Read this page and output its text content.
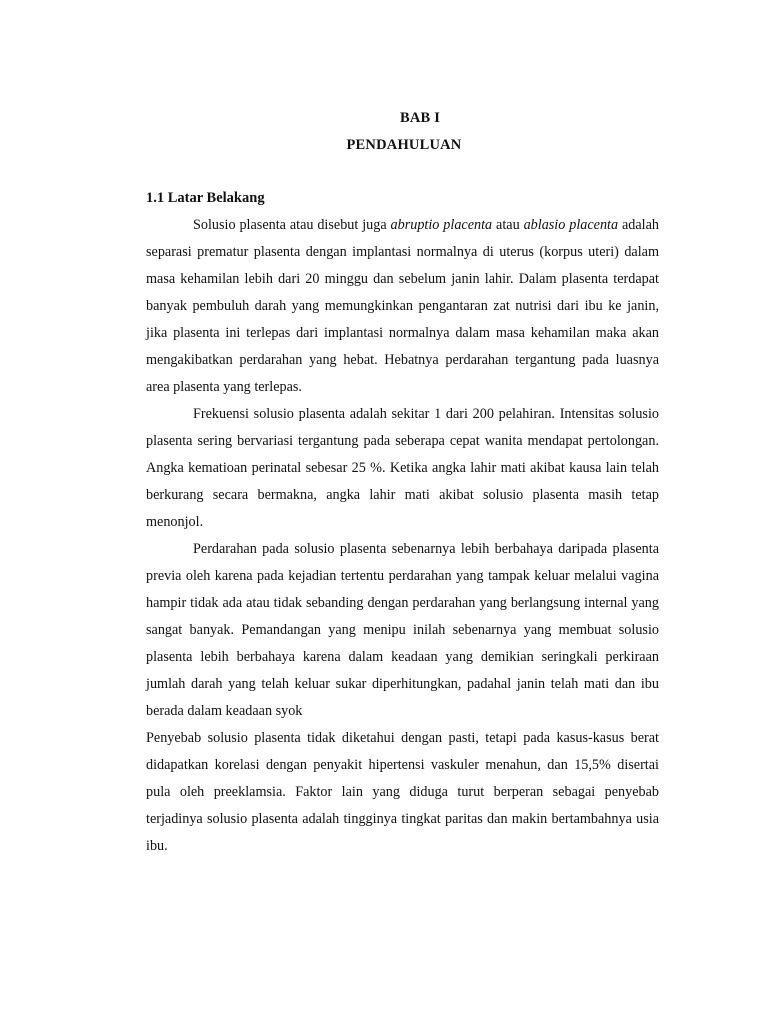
BAB I
PENDAHULUAN
1.1 Latar Belakang

Solusio plasenta atau disebut juga abruptio placenta atau ablasio placenta adalah separasi prematur plasenta dengan implantasi normalnya di uterus (korpus uteri) dalam masa kehamilan lebih dari 20 minggu dan sebelum janin lahir. Dalam plasenta terdapat banyak pembuluh darah yang memungkinkan pengantaran zat nutrisi dari ibu ke janin, jika plasenta ini terlepas dari implantasi normalnya dalam masa kehamilan maka akan mengakibatkan perdarahan yang hebat. Hebatnya perdarahan tergantung pada luasnya area plasenta yang terlepas.

Frekuensi solusio plasenta adalah sekitar 1 dari 200 pelahiran. Intensitas solusio plasenta sering bervariasi tergantung pada seberapa cepat wanita mendapat pertolongan. Angka kematioan perinatal sebesar 25 %. Ketika angka lahir mati akibat kausa lain telah berkurang secara bermakna, angka lahir mati akibat solusio plasenta masih tetap menonjol.

Perdarahan pada solusio plasenta sebenarnya lebih berbahaya daripada plasenta previa oleh karena pada kejadian tertentu perdarahan yang tampak keluar melalui vagina hampir tidak ada atau tidak sebanding dengan perdarahan yang berlangsung internal yang sangat banyak. Pemandangan yang menipu inilah sebenarnya yang membuat solusio plasenta lebih berbahaya karena dalam keadaan yang demikian seringkali perkiraan jumlah darah yang telah keluar sukar diperhitungkan, padahal janin telah mati dan ibu berada dalam keadaan syok

Penyebab solusio plasenta tidak diketahui dengan pasti, tetapi pada kasus-kasus berat didapatkan korelasi dengan penyakit hipertensi vaskuler menahun, dan 15,5% disertai pula oleh preeklamsia. Faktor lain yang diduga turut berperan sebagai penyebab terjadinya solusio plasenta adalah tingginya tingkat paritas dan makin bertambahnya usia ibu.
